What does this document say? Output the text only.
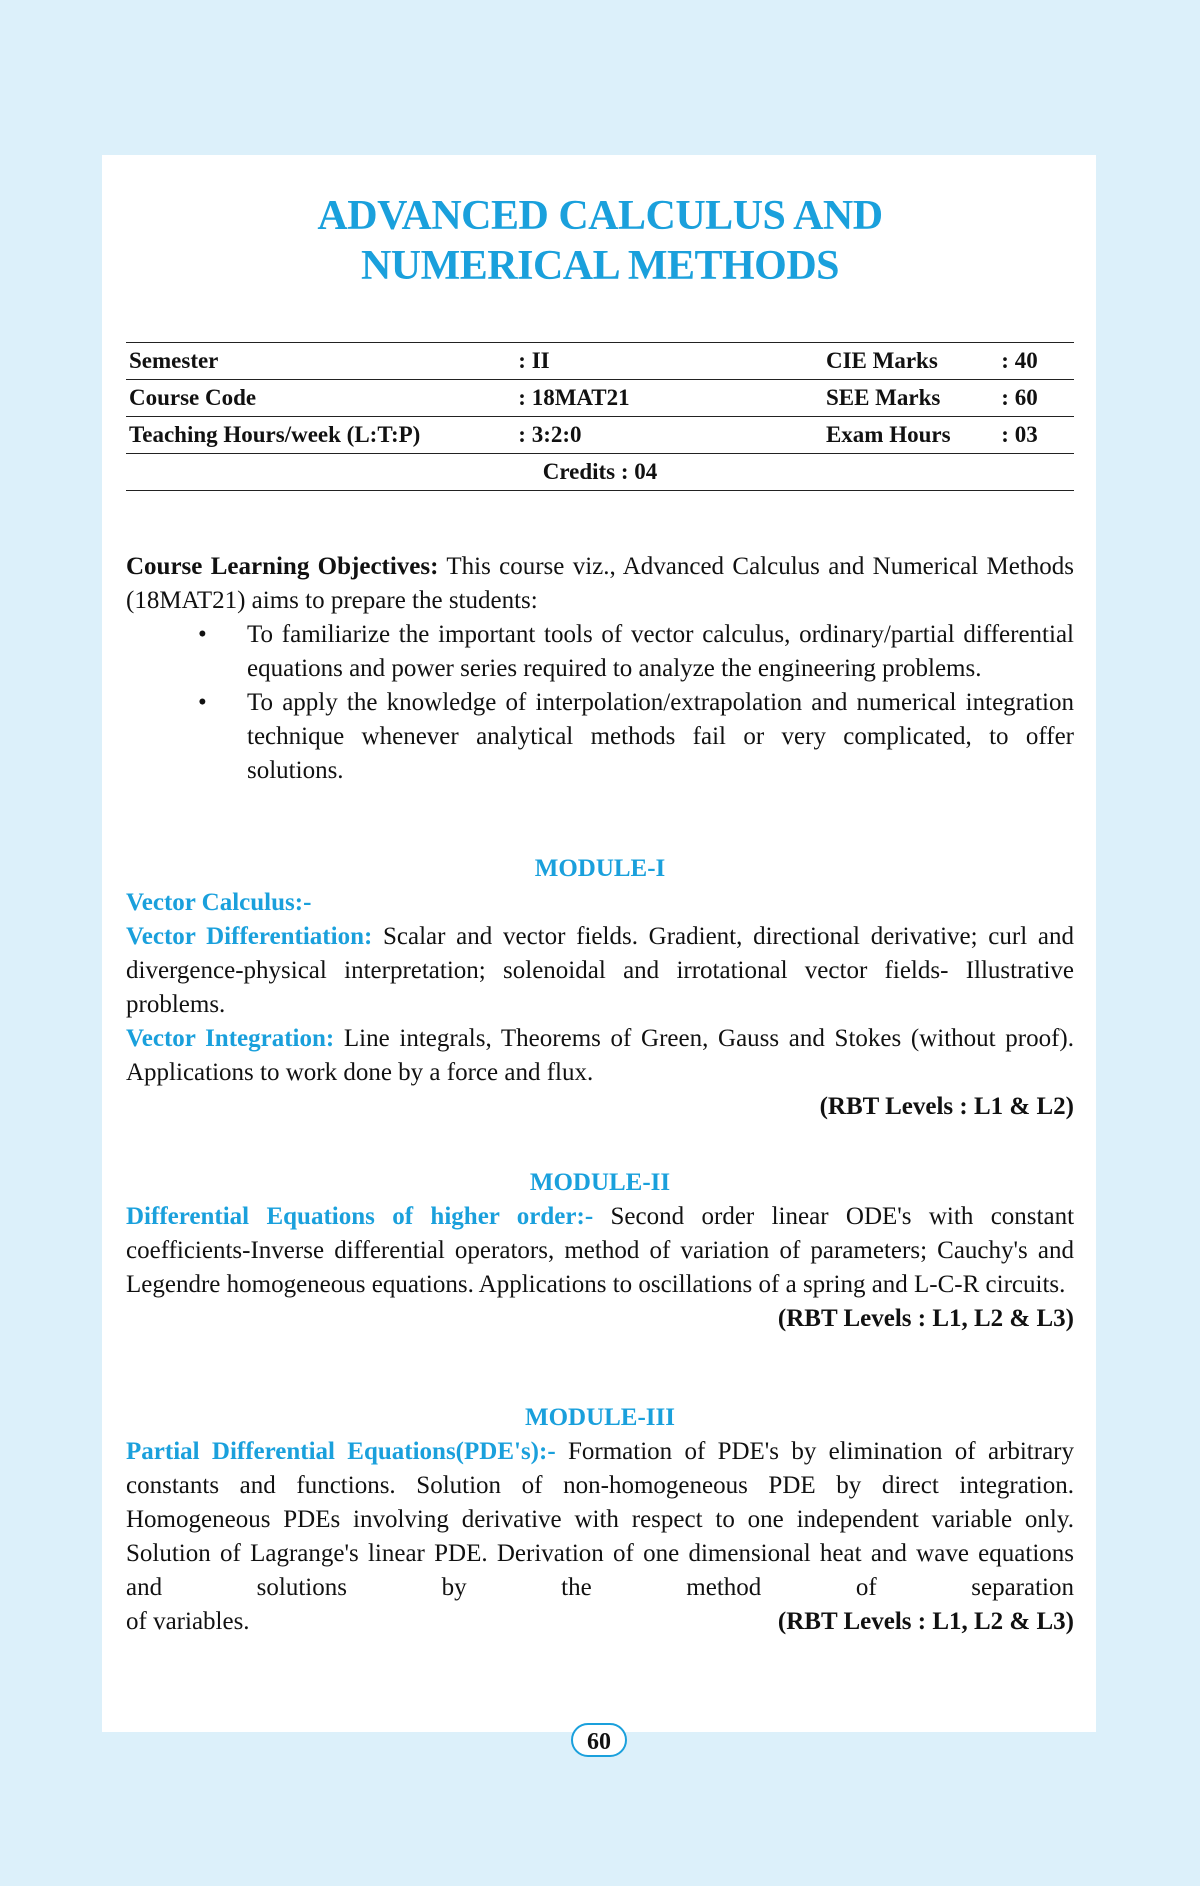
ADVANCED CALCULUS AND
NUMERICAL METHODS
Semester	: II	CIE Marks	: 40
Course Code	: 18MAT21	SEE Marks	: 60
Teaching Hours/week (L:T:P)	: 3:2:0	Exam Hours	: 03
Credits : 04			

Course Learning Objectives: This course viz., Advanced Calculus and Numerical Methods (18MAT21) aims to prepare the students:

• To familiarize the important tools of vector calculus, ordinary/partial differential equations and power series required to analyze the engineering problems.
• To apply the knowledge of interpolation/extrapolation and numerical integration technique whenever analytical methods fail or very complicated, to offer solutions.
MODULE-I
Vector Calculus:-

Vector Differentiation: Scalar and vector fields. Gradient, directional derivative; curl and divergence-physical interpretation; solenoidal and irrotational vector fields- Illustrative problems.

Vector Integration: Line integrals, Theorems of Green, Gauss and Stokes (without proof). Applications to work done by a force and flux.

(RBT Levels : L1 & L2)
MODULE-II

Differential Equations of higher order:- Second order linear ODE's with constant coefficients-Inverse differential operators, method of variation of parameters; Cauchy's and Legendre homogeneous equations. Applications to oscillations of a spring and L-C-R circuits.

(RBT Levels : L1, L2 & L3)
MODULE-III

Partial Differential Equations(PDE's):- Formation of PDE's by elimination of arbitrary constants and functions. Solution of non-homogeneous PDE by direct integration. Homogeneous PDEs involving derivative with respect to one independent variable only. Solution of Lagrange's linear PDE. Derivation of one dimensional heat and wave equations and solutions by the method of separation

of variables.	(RBT Levels : L1, L2 & L3)
60
